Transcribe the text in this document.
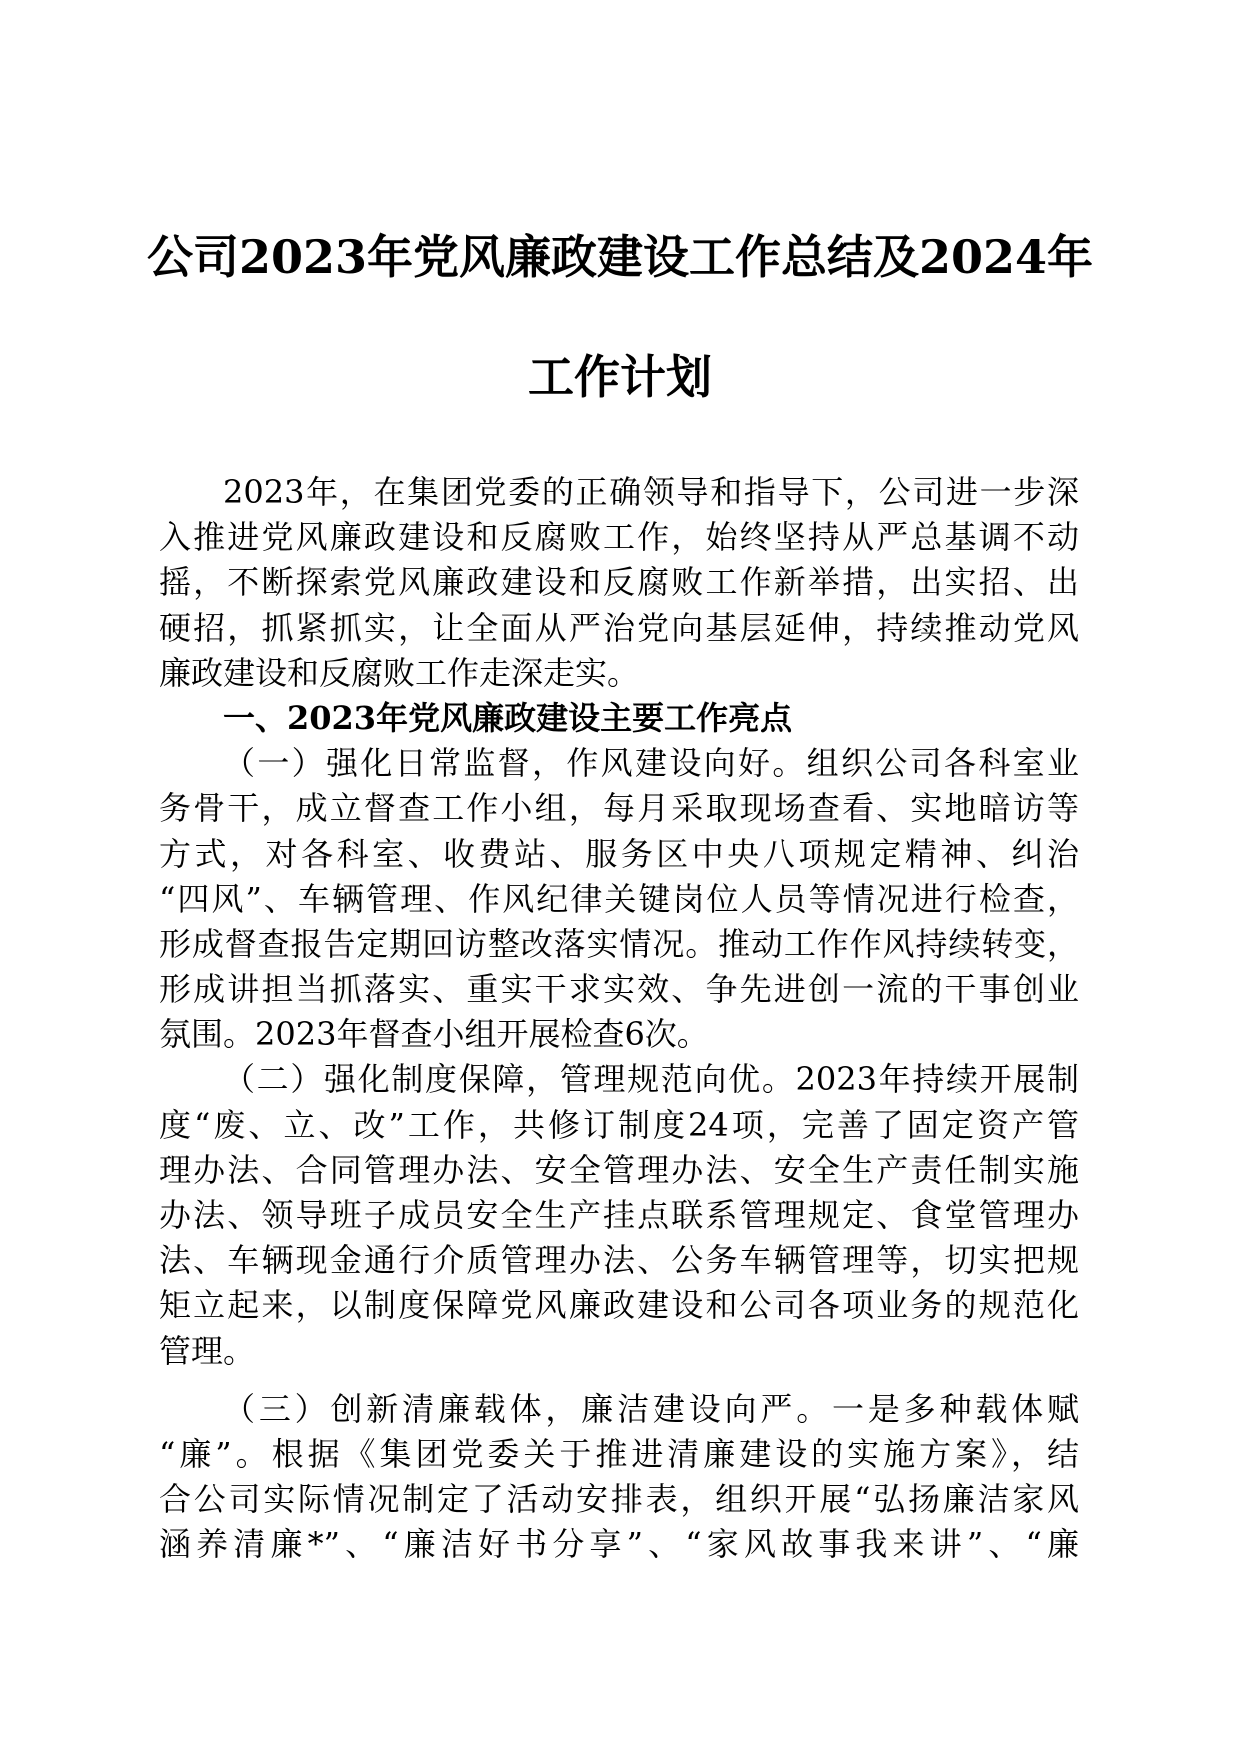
公司2023年党风廉政建设工作总结及2024年
工作计划
2023年，在集团党委的正确领导和指导下，公司进一步深
入推进党风廉政建设和反腐败工作，始终坚持从严总基调不动
摇，不断探索党风廉政建设和反腐败工作新举措，出实招、出
硬招，抓紧抓实，让全面从严治党向基层延伸，持续推动党风
廉政建设和反腐败工作走深走实。
一、2023年党风廉政建设主要工作亮点
（一）强化日常监督，作风建设向好。组织公司各科室业
务骨干，成立督查工作小组，每月采取现场查看、实地暗访等
方式，对各科室、收费站、服务区中央八项规定精神、纠治
“四风”、车辆管理、作风纪律关键岗位人员等情况进行检查，
形成督查报告定期回访整改落实情况。推动工作作风持续转变，
形成讲担当抓落实、重实干求实效、争先进创一流的干事创业
氛围。2023年督查小组开展检查6次。
（二）强化制度保障，管理规范向优。2023年持续开展制
度“废、立、改”工作，共修订制度24项，完善了固定资产管
理办法、合同管理办法、安全管理办法、安全生产责任制实施
办法、领导班子成员安全生产挂点联系管理规定、食堂管理办
法、车辆现金通行介质管理办法、公务车辆管理等，切实把规
矩立起来，以制度保障党风廉政建设和公司各项业务的规范化
管理。
（三）创新清廉载体，廉洁建设向严。一是多种载体赋
“廉”。根据《集团党委关于推进清廉建设的实施方案》，结
合公司实际情况制定了活动安排表，组织开展“弘扬廉洁家风
涵养清廉*”、“廉洁好书分享”、“家风故事我来讲”、“廉
